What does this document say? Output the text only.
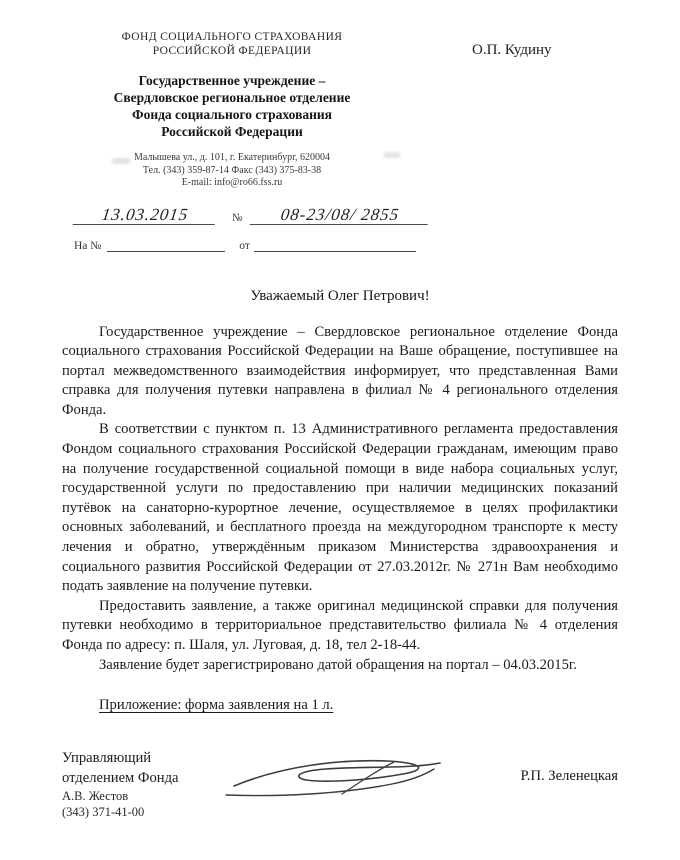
ФОНД СОЦИАЛЬНОГО СТРАХОВАНИЯ
РОССИЙСКОЙ ФЕДЕРАЦИИ
Государственное учреждение –
Свердловское региональное отделение
Фонда социального страхования
Российской Федерации
Малышева ул., д. 101, г. Екатеринбург, 620004
Тел. (343) 359-87-14 Факс (343) 375-83-38
E-mail: info@ro66.fss.ru
О.П. Кудину
13.03.2015	№	08-23/08/ 2855
На №	от
Уважаемый Олег Петрович!

Государственное учреждение – Свердловское региональное отделение Фонда социального страхования Российской Федерации на Ваше обращение, поступившее на портал межведомственного взаимодействия информирует, что представленная Вами справка для получения путевки направлена в филиал № 4 регионального отделения Фонда.

В соответствии с пунктом п. 13 Административного регламента предоставления Фондом социального страхования Российской Федерации гражданам, имеющим право на получение государственной социальной помощи в виде набора социальных услуг, государственной услуги по предоставлению при наличии медицинских показаний путёвок на санаторно-курортное лечение, осуществляемое в целях профилактики основных заболеваний, и бесплатного проезда на междугородном транспорте к месту лечения и обратно, утверждённым приказом Министерства здравоохранения и социального развития Российской Федерации от 27.03.2012г. № 271н Вам необходимо подать заявление на получение путевки.

Предоставить заявление, а также оригинал медицинской справки для получения путевки необходимо в территориальное представительство филиала № 4 отделения Фонда по адресу: п. Шаля, ул. Луговая, д. 18, тел 2-18-44.

Заявление будет зарегистрировано датой обращения на портал – 04.03.2015г.

Приложение: форма заявления на 1 л.
Управляющий
отделением Фонда	Р.П. Зеленецкая
А.В. Жестов
(343) 371-41-00
